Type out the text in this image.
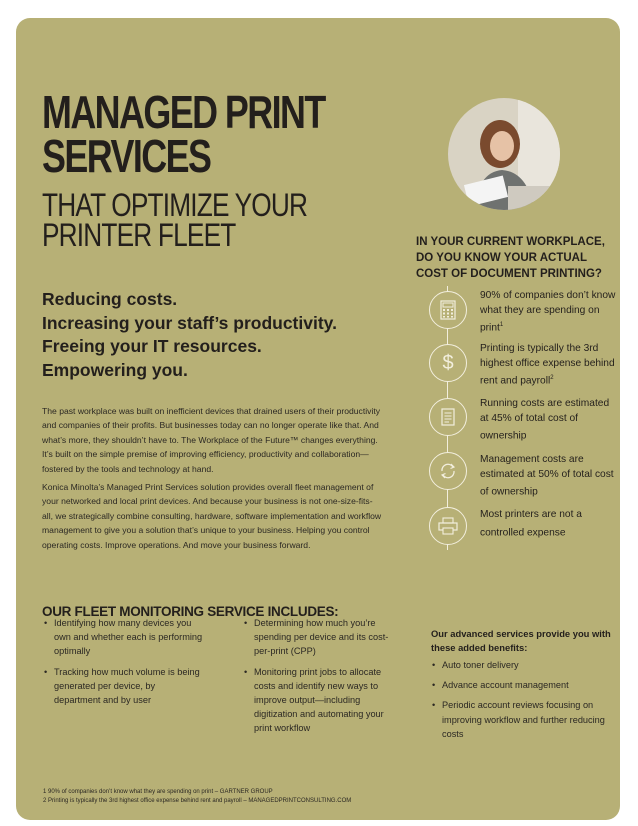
MANAGED PRINT
SERVICES
THAT OPTIMIZE YOUR
PRINTER FLEET	IN YOUR CURRENT WORKPLACE, DO YOU KNOW YOUR ACTUAL COST OF DOCUMENT PRINTING?
Reducing costs.
Increasing your staff’s productivity.
Freeing your IT resources.
Empowering you.
The past workplace was built on inefficient devices that drained users of their productivity and companies of their profits. But businesses today can no longer operate like that. And what’s more, they shouldn’t have to. The Workplace of the Future™ changes everything. It’s built on the simple premise of improving efficiency, productivity and collaboration—fostered by the tools and technology at hand.
Konica Minolta’s Managed Print Services solution provides overall fleet management of your networked and local print devices. And because your business is not one-size-fits-all, we strategically combine consulting, hardware, software implementation and workflow management to give you a solution that’s unique to your business. Helping you control operating costs. Improve operations. And move your business forward.
90% of companies don’t know what they are spending on print$^1$
$
Printing is typically the 3rd highest office expense behind rent and payroll$^2$
Running costs are estimated at 45% of total cost of ownership
Management costs are estimated at 50% of total cost of ownership
Most printers are not a controlled expense
OUR FLEET MONITORING SERVICE INCLUDES:
• Identifying how many devices you own and whether each is performing optimally
• Tracking how much volume is being generated per device, by department and by user
• Determining how much you’re spending per device and its cost-per-print (CPP)
• Monitoring print jobs to allocate costs and identify new ways to improve output—including digitization and automating your print workflow
Our advanced services provide you with these added benefits:
• Auto toner delivery
• Advance account management
• Periodic account reviews focusing on improving workflow and further reducing costs
1 90% of companies don’t know what they are spending on print – GARTNER GROUP
2 Printing is typically the 3rd highest office expense behind rent and payroll – MANAGEDPRINTCONSULTING.COM
